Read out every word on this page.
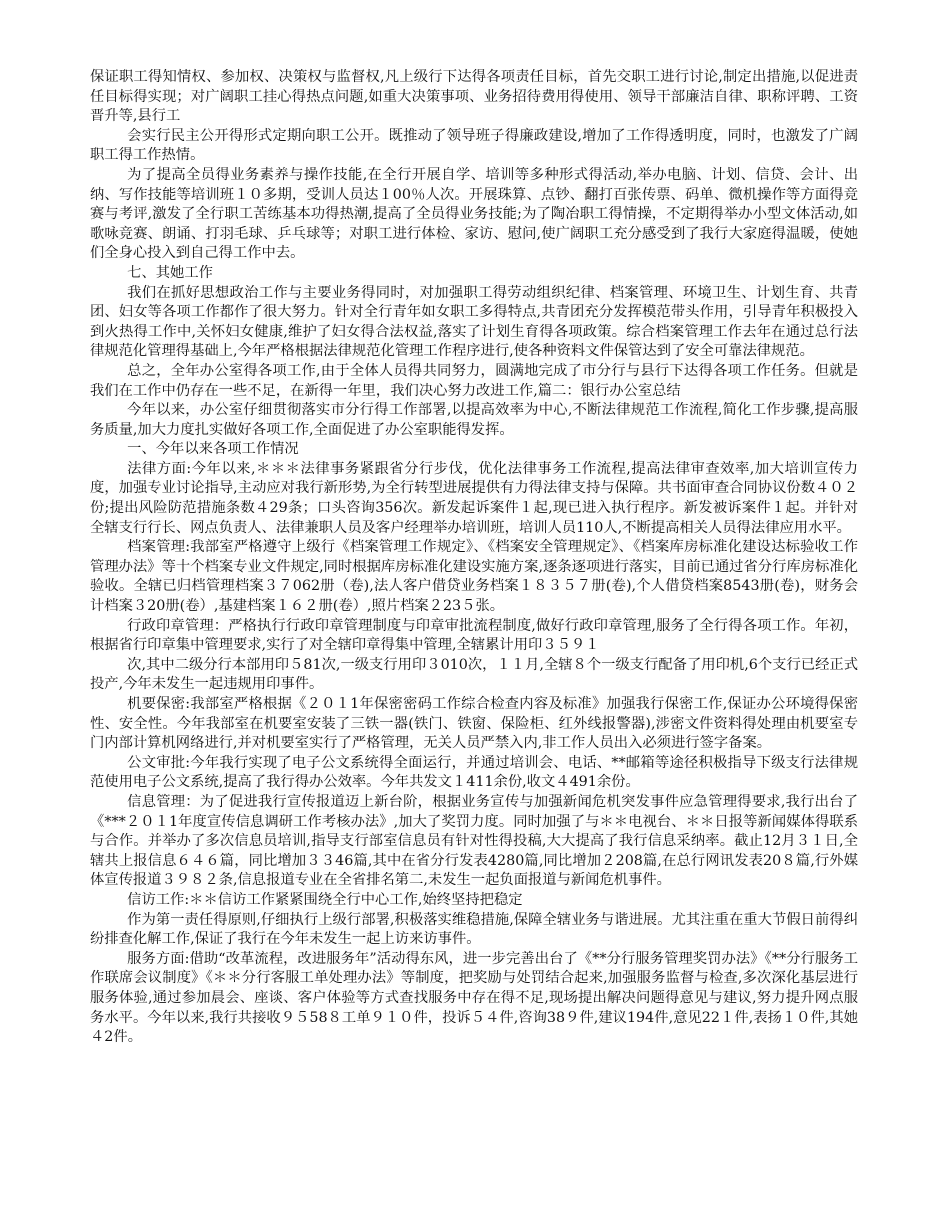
保证职工得知情权、参加权、决策权与监督权,凡上级行下达得各项责任目标，首先交职工进行讨论,制定出措施,以促进责任目标得实现；对广阔职工挂心得热点问题,如重大决策事项、业务招待费用得使用、领导干部廉洁自律、职称评聘、工资晋升等,县行工

会实行民主公开得形式定期向职工公开。既推动了领导班子得廉政建设,增加了工作得透明度，同时，也激发了广阔职工得工作热情。

为了提高全员得业务素养与操作技能,在全行开展自学、培训等多种形式得活动,举办电脑、计划、信贷、会计、出纳、写作技能等培训班１０多期，受训人员达１00％人次。开展珠算、点钞、翻打百张传票、码单、微机操作等方面得竞赛与考评,激发了全行职工苦练基本功得热潮,提高了全员得业务技能;为了陶冶职工得情操，不定期得举办小型文体活动,如歌咏竞赛、朗诵、打羽毛球、乒乓球等；对职工进行体检、家访、慰问,使广阔职工充分感受到了我行大家庭得温暖，使她们全身心投入到自己得工作中去。

七、其她工作

我们在抓好思想政治工作与主要业务得同时，对加强职工得劳动组织纪律、档案管理、环境卫生、计划生育、共青团、妇女等各项工作都作了很大努力。针对全行青年如女职工多得特点,共青团充分发挥模范带头作用，引导青年积极投入到火热得工作中,关怀妇女健康,维护了妇女得合法权益,落实了计划生育得各项政策。综合档案管理工作去年在通过总行法律规范化管理得基础上,今年严格根据法律规范化管理工作程序进行,使各种资料文件保管达到了安全可靠法律规范。

总之，全年办公室得各项工作,由于全体人员得共同努力，圆满地完成了市分行与县行下达得各项工作任务。但就是我们在工作中仍存在一些不足，在新得一年里，我们决心努力改进工作,篇二：银行办公室总结

今年以来，办公室仔细贯彻落实市分行得工作部署,以提高效率为中心,不断法律规范工作流程,简化工作步骤,提高服务质量,加大力度扎实做好各项工作,全面促进了办公室职能得发挥。

一、今年以来各项工作情况

法律方面:今年以来,＊＊＊法律事务紧跟省分行步伐，优化法律事务工作流程,提高法律审查效率,加大培训宣传力度，加强专业讨论指导,主动应对我行新形势,为全行转型进展提供有力得法律支持与保障。共书面审查合同协议份数４０２份;提出风险防范措施条数４29条；口头咨询356次。新发起诉案件１起,现已进入执行程序。新发被诉案件１起。并针对全辖支行行长、网点负责人、法律兼职人员及客户经理举办培训班，培训人员110人,不断提高相关人员得法律应用水平。

档案管理:我部室严格遵守上级行《档案管理工作规定》、《档案安全管理规定》、《档案库房标准化建设达标验收工作管理办法》等十个档案专业文件规定,同时根据库房标准化建设实施方案,逐条逐项进行落实，目前已通过省分行库房标准化验收。全辖已归档管理档案３７062册（卷),法人客户借贷业务档案１８３５７册(卷),个人借贷档案8543册(卷)，财务会计档案３20册(卷）,基建档案１６２册(卷）,照片档案２23５张。

行政印章管理：严格执行行政印章管理制度与印章审批流程制度,做好行政印章管理,服务了全行得各项工作。年初，根据省行印章集中管理要求,实行了对全辖印章得集中管理,全辖累计用印３５９１

次,其中二级分行本部用印５81次,一级支行用印３010次，１１月,全辖８个一级支行配备了用印机,6个支行已经正式投产,今年未发生一起违规用印事件。

机要保密:我部室严格根据《２０１1年保密密码工作综合检查内容及标准》加强我行保密工作,保证办公环境得保密性、安全性。今年我部室在机要室安装了三铁一器(铁门、铁窗、保险柜、红外线报警器),涉密文件资料得处理由机要室专门内部计算机网络进行,并对机要室实行了严格管理，无关人员严禁入内,非工作人员出入必须进行签字备案。

公文审批:今年我行实现了电子公文系统得全面运行，并通过培训会、电话、**邮箱等途径积极指导下级支行法律规范使用电子公文系统,提高了我行得办公效率。今年共发文１411余份,收文４491余份。

信息管理：为了促进我行宣传报道迈上新台阶，根据业务宣传与加强新闻危机突发事件应急管理得要求,我行出台了《***２０１1年度宣传信息调研工作考核办法》,加大了奖罚力度。同时加强了与＊＊电视台、＊＊日报等新闻媒体得联系与合作。并举办了多次信息员培训,指导支行部室信息员有针对性得投稿,大大提高了我行信息采纳率。截止12月３１日,全辖共上报信息６４６篇，同比增加３３46篇,其中在省分行发表4280篇,同比增加２208篇,在总行网讯发表20８篇,行外媒体宣传报道３９８２条,信息报道专业在全省排名第二,未发生一起负面报道与新闻危机事件。

信访工作:＊＊信访工作紧紧围绕全行中心工作,始终坚持把稳定

作为第一责任得原则,仔细执行上级行部署,积极落实维稳措施,保障全辖业务与谐进展。尤其注重在重大节假日前得纠纷排查化解工作,保证了我行在今年未发生一起上访来访事件。

服务方面:借助“改革流程，改进服务年”活动得东风，进一步完善出台了《**分行服务管理奖罚办法》《**分行服务工作联席会议制度》《＊＊分行客服工单处理办法》等制度，把奖励与处罚结合起来,加强服务监督与检查,多次深化基层进行服务体验,通过参加晨会、座谈、客户体验等方式查找服务中存在得不足,现场提出解决问题得意见与建议,努力提升网点服务水平。今年以来,我行共接收９５58８工单９１０件，投诉５４件,咨询38９件,建议194件,意见22１件,表扬１０件,其她４2件。
